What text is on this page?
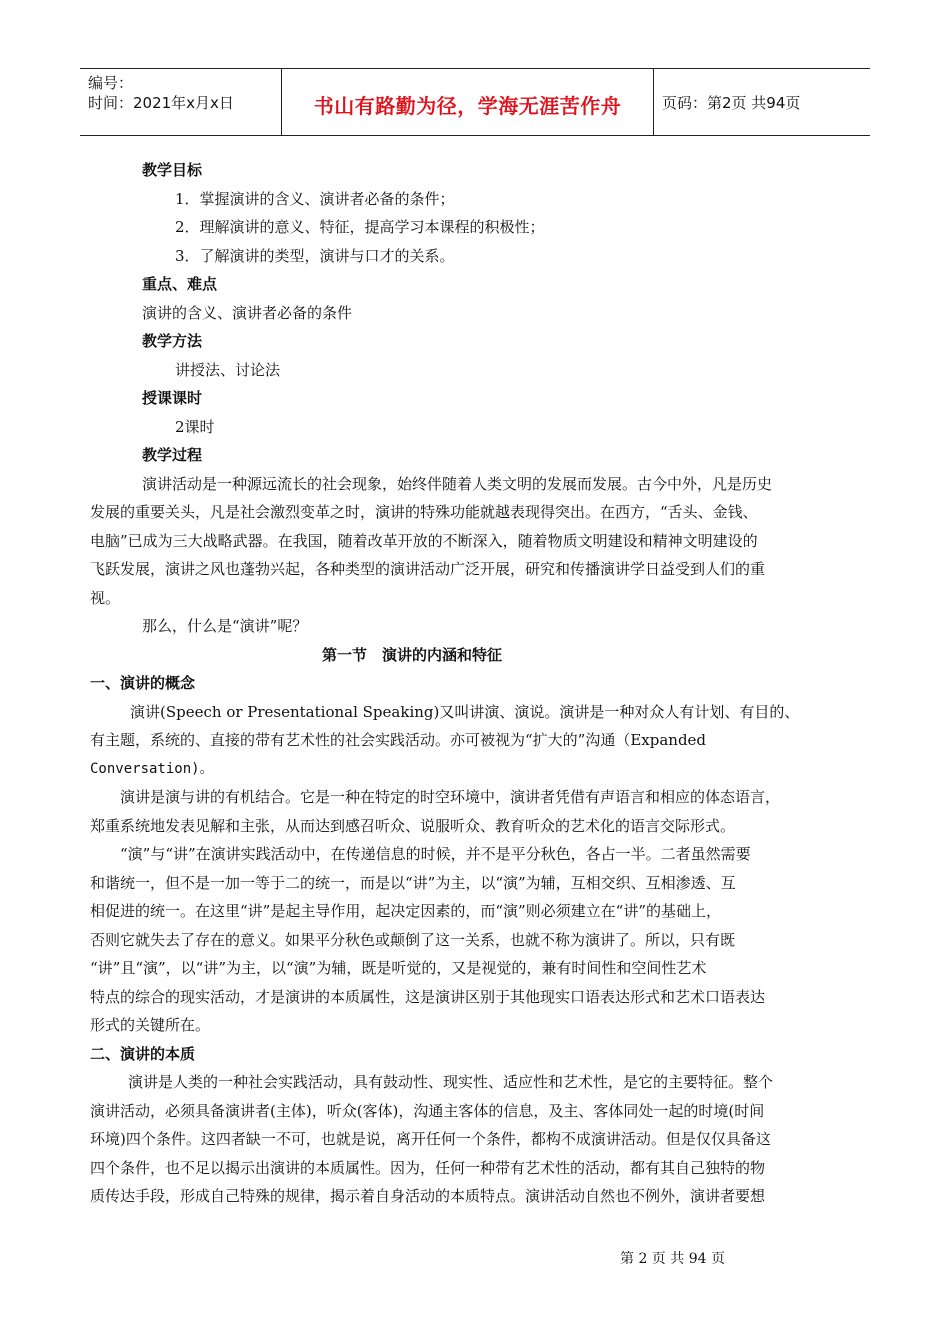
编号：
时间：2021年x月x日	书山有路勤为径，学海无涯苦作舟	页码：第2页 共94页
教学目标
1．掌握演讲的含义、演讲者必备的条件；
2．理解演讲的意义、特征，提高学习本课程的积极性；
3．了解演讲的类型，演讲与口才的关系。
重点、难点
演讲的含义、演讲者必备的条件
教学方法
讲授法、讨论法
授课课时
2课时
教学过程
演讲活动是一种源远流长的社会现象，始终伴随着人类文明的发展而发展。古今中外，凡是历史
发展的重要关头，凡是社会激烈变革之时，演讲的特殊功能就越表现得突出。在西方，“舌头、金钱、
电脑”已成为三大战略武器。在我国，随着改革开放的不断深入，随着物质文明建设和精神文明建设的
飞跃发展，演讲之风也蓬勃兴起，各种类型的演讲活动广泛开展，研究和传播演讲学日益受到人们的重
视。
那么，什么是“演讲”呢？
第一节　演讲的内涵和特征
一、演讲的概念
演讲(Speech or Presentational Speaking)又叫讲演、演说。演讲是一种对众人有计划、有目的、
有主题，系统的、直接的带有艺术性的社会实践活动。亦可被视为“扩大的”沟通（Expanded
Conversation)。
演讲是演与讲的有机结合。它是一种在特定的时空环境中，演讲者凭借有声语言和相应的体态语言，
郑重系统地发表见解和主张，从而达到感召听众、说服听众、教育听众的艺术化的语言交际形式。
“演”与“讲”在演讲实践活动中，在传递信息的时候，并不是平分秋色，各占一半。二者虽然需要
和谐统一，但不是一加一等于二的统一，而是以“讲”为主，以“演”为辅，互相交织、互相渗透、互
相促进的统一。在这里“讲”是起主导作用，起决定因素的，而“演”则必须建立在“讲”的基础上，
否则它就失去了存在的意义。如果平分秋色或颠倒了这一关系，也就不称为演讲了。所以，只有既
“讲”且“演”，以“讲”为主，以“演”为辅，既是听觉的，又是视觉的，兼有时间性和空间性艺术
特点的综合的现实活动，才是演讲的本质属性，这是演讲区别于其他现实口语表达形式和艺术口语表达
形式的关键所在。
二、演讲的本质
演讲是人类的一种社会实践活动，具有鼓动性、现实性、适应性和艺术性，是它的主要特征。整个
演讲活动，必须具备演讲者(主体)，听众(客体)，沟通主客体的信息，及主、客体同处一起的时境(时间
环境)四个条件。这四者缺一不可，也就是说，离开任何一个条件，都构不成演讲活动。但是仅仅具备这
四个条件，也不足以揭示出演讲的本质属性。因为，任何一种带有艺术性的活动，都有其自己独特的物
质传达手段，形成自己特殊的规律，揭示着自身活动的本质特点。演讲活动自然也不例外，演讲者要想
第 2 页 共 94 页
